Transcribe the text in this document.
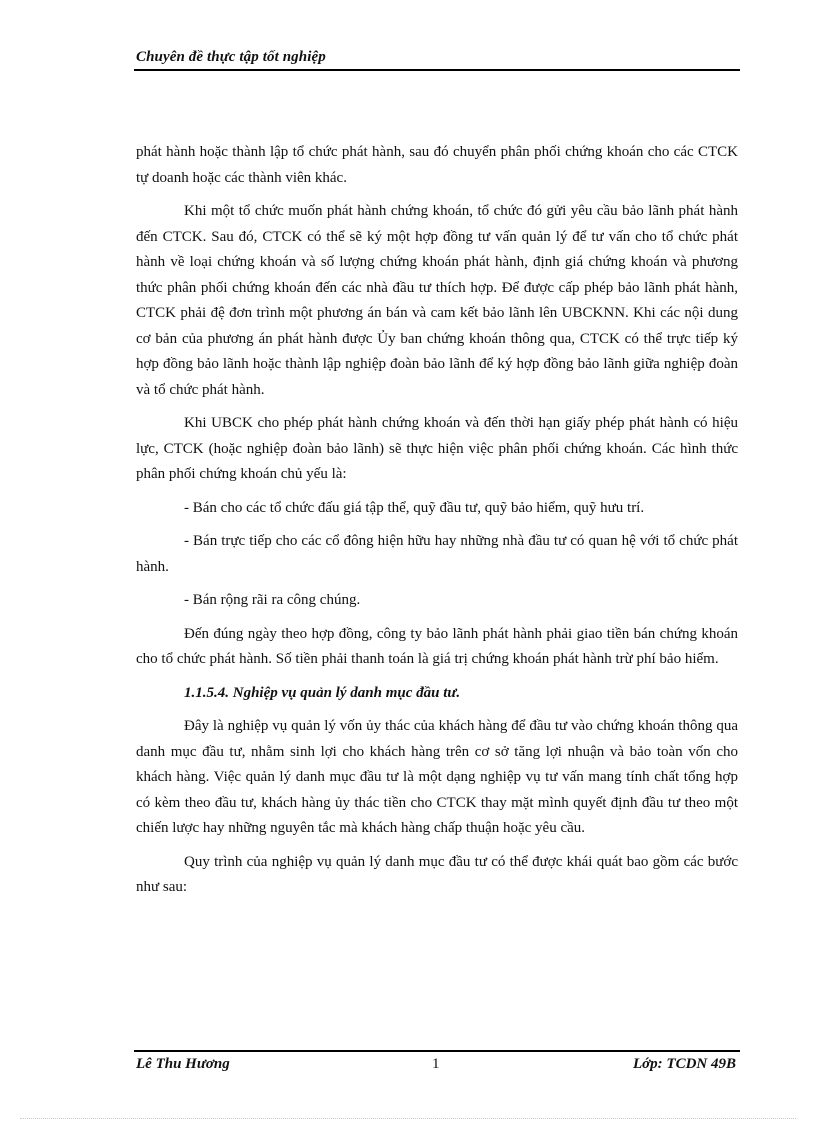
Chuyên đề thực tập tốt nghiệp

phát hành hoặc thành lập tổ chức phát hành, sau đó chuyển phân phối chứng khoán cho các CTCK tự doanh hoặc các thành viên khác.

Khi một tổ chức muốn phát hành chứng khoán, tổ chức đó gửi yêu cầu bảo lãnh phát hành đến CTCK. Sau đó, CTCK có thể sẽ ký một hợp đồng tư vấn quản lý để tư vấn cho tổ chức phát hành về loại chứng khoán và số lượng chứng khoán phát hành, định giá chứng khoán và phương thức phân phối chứng khoán đến các nhà đầu tư thích hợp. Để được cấp phép bảo lãnh phát hành, CTCK phải đệ đơn trình một phương án bán và cam kết bảo lãnh lên UBCKNN. Khi các nội dung cơ bản của phương án phát hành được Ủy ban chứng khoán thông qua, CTCK có thể trực tiếp ký hợp đồng bảo lãnh hoặc thành lập nghiệp đoàn bảo lãnh để ký hợp đồng bảo lãnh giữa nghiệp đoàn và tổ chức phát hành.

Khi UBCK cho phép phát hành chứng khoán và đến thời hạn giấy phép phát hành có hiệu lực, CTCK (hoặc nghiệp đoàn bảo lãnh) sẽ thực hiện việc phân phối chứng khoán. Các hình thức phân phối chứng khoán chủ yếu là:

- Bán cho các tổ chức đấu giá tập thể, quỹ đầu tư, quỹ bảo hiểm, quỹ hưu trí.

- Bán trực tiếp cho các cổ đông hiện hữu hay những nhà đầu tư có quan hệ với tổ chức phát hành.

- Bán rộng rãi ra công chúng.

Đến đúng ngày theo hợp đồng, công ty bảo lãnh phát hành phải giao tiền bán chứng khoán cho tổ chức phát hành. Số tiền phải thanh toán là giá trị chứng khoán phát hành trừ phí bảo hiểm.

1.1.5.4. Nghiệp vụ quản lý danh mục đầu tư.

Đây là nghiệp vụ quản lý vốn ủy thác của khách hàng để đầu tư vào chứng khoán thông qua danh mục đầu tư, nhằm sinh lợi cho khách hàng trên cơ sở tăng lợi nhuận và bảo toàn vốn cho khách hàng. Việc quản lý danh mục đầu tư là một dạng nghiệp vụ tư vấn mang tính chất tổng hợp có kèm theo đầu tư, khách hàng ủy thác tiền cho CTCK thay mặt mình quyết định đầu tư theo một chiến lược hay những nguyên tắc mà khách hàng chấp thuận hoặc yêu cầu.

Quy trình của nghiệp vụ quản lý danh mục đầu tư có thể được khái quát bao gồm các bước như sau:

Lê Thu Hương	1	Lớp: TCDN 49B
